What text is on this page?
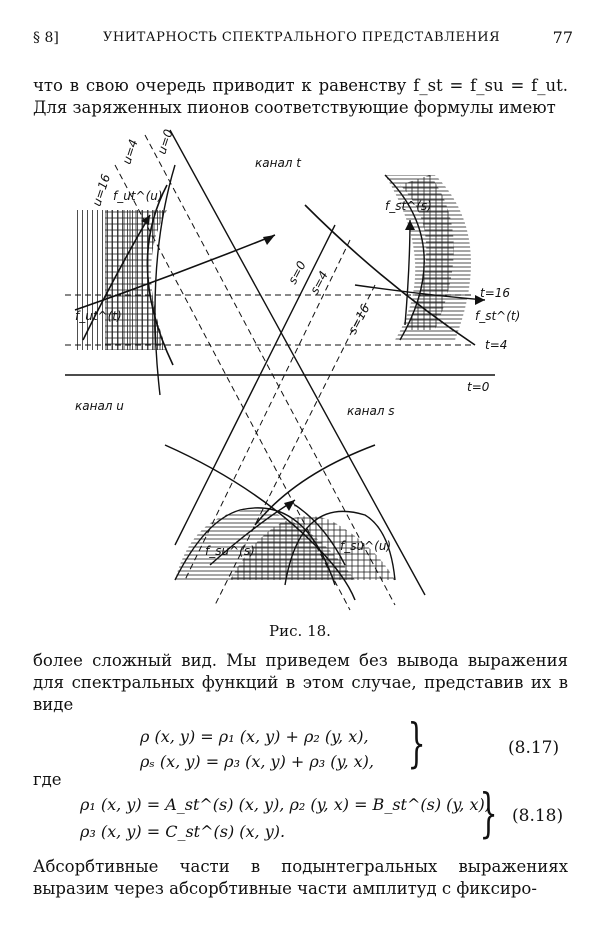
§ 8]	УНИТАРНОСТЬ СПЕКТРАЛЬНОГО ПРЕДСТАВЛЕНИЯ	77
что в свою очередь приводит к равенству f_st = f_su = f_ut. Для заряженных пионов соответствующие формулы имеют
канал t
канал u	канал s
u=16
u=4 u=0
s=0
s=4
s=16
t=16
t=4
t=0
f_ut^(u)
f_ut^(t)
f_st^(s)
f_st^(t)
f_su^(s)	f_su^(u)
Рис. 18.
более сложный вид. Мы приведем без вывода выражения для спектральных функций в этом случае, представив их в виде
ρ (x, y) = ρ₁ (x, y) + ρ₂ (y, x),
ρₛ (x, y) = ρ₃ (x, y) + ρ₃ (y, x), }	(8.17)
где
ρ₁ (x, y) = A_st^(s) (x, y), ρ₂ (y, x) = B_st^(s) (y, x),
ρ₃ (x, y) = C_st^(s) (x, y).	} (8.18)
Абсорбтивные части в подынтегральных выражениях выразим через абсорбтивные части амплитуд с фиксиро-
